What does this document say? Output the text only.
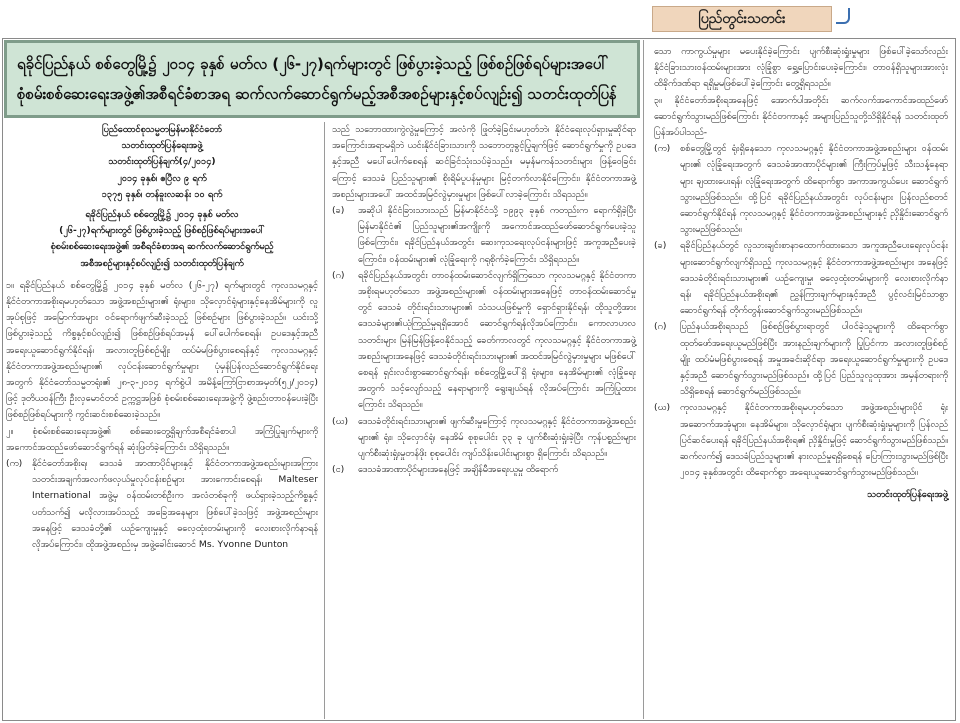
ပြည်တွင်းသတင်း
ရခိုင်ပြည်နယ် စစ်တွေမြို့၌ ၂၀၁၄ ခုနှစ် မတ်လ (၂၆-၂၇)ရက်များတွင် ဖြစ်ပွားခဲ့သည့် ဖြစ်စဉ်ဖြစ်ရပ်များအပေါ်
စုံစမ်းစစ်ဆေးရေးအဖွဲ့၏အစီရင်ခံစာအရ ဆက်လက်ဆောင်ရွက်မည့်အစီအစဉ်များနှင့်စပ်လျဉ်း၍ သတင်းထုတ်ပြန်

ပြည်ထောင်စုသမ္မတမြန်မာနိုင်ငံတော်

သတင်းထုတ်ပြန်ရေးအဖွဲ့

သတင်းထုတ်ပြန်ချက်(၄/၂၀၁၄)

၂၀၁၄ ခုနှစ်၊ ဧပြီလ ၉ ရက်

၁၃၇၅ ခုနှစ်၊ တန်ခူးလဆန်း ၁၀ ရက်

ရခိုင်ပြည်နယ် စစ်တွေမြို့၌ ၂၀၁၄ ခုနှစ် မတ်လ

(၂၆-၂၇)ရက်များတွင် ဖြစ်ပွားခဲ့သည့် ဖြစ်စဉ်ဖြစ်ရပ်များအပေါ်

စုံစမ်းစစ်ဆေးရေးအဖွဲ့၏ အစီရင်ခံစာအရ ဆက်လက်ဆောင်ရွက်မည့်

အစီအစဉ်များနှင့်စပ်လျဉ်း၍ သတင်းထုတ်ပြန်ချက်

၁။ ရခိုင်ပြည်နယ် စစ်တွေမြို့၌ ၂၀၁၄ ခုနှစ် မတ်လ (၂၆-၂၇) ရက်များတွင် ကုလသမဂ္ဂနှင့်နိုင်ငံတကာအစိုးရမဟုတ်သော အဖွဲ့အစည်းများ၏ ရုံးများ၊ သိုလှောင်ရုံများနှင့်နေအိမ်များကို လူအုပ်စုဖြင့် အမြောက်အများ ဝင်ရောက်ဖျက်ဆီးခဲ့သည့် ဖြစ်စဉ်များ ဖြစ်ပွားခဲ့သည်။ ယင်းသို့ဖြစ်ပွားခဲ့သည့် ကိစ္စနှင့်စပ်လျဉ်း၍ ဖြစ်စဉ်ဖြစ်ရပ်အမှန် ပေါ်ပေါက်စေရန်၊ ဥပဒေနှင့်အညီ အရေးယူဆောင်ရွက်နိုင်ရန်၊ အလားတူဖြစ်စဉ်မျိုး ထပ်မံမဖြစ်ပွားစေရန်နှင့် ကုလသမဂ္ဂနှင့် နိုင်ငံတကာအဖွဲ့အစည်းများ၏ လုပ်ငန်းဆောင်ရွက်မှုများ ပုံမှန်ပြန်လည်ဆောင်ရွက်နိုင်ရေးအတွက် နိုင်ငံတော်သမ္မတရုံး၏ ၂၈-၃-၂၀၁၄ ရက်စွဲပါ အမိန့်ကြော်ငြာစာအမှတ်(၅၂/၂၀၁၄) ဖြင့် ဒုတိယဝန်ကြီး ဦးလှမောင်တင် ဥက္ကဋ္ဌအဖြစ် စုံစမ်းစစ်ဆေးရေးအဖွဲ့ကို ဖွဲ့စည်းတာဝန်ပေးခဲ့ပြီး ဖြစ်စဉ်ဖြစ်ရပ်များကို ကွင်းဆင်းစစ်ဆေးခဲ့သည်။

၂။ စုံစမ်းစစ်ဆေးရေးအဖွဲ့၏ စစ်ဆေးတွေ့ရှိချက်အစီရင်ခံစာပါ အကြံပြုချက်များကို အကောင်အထည်ဖော်ဆောင်ရွက်ရန် ဆုံးဖြတ်ခဲ့ကြောင်း သိရှိရသည်။

(က) နိုင်ငံတော်အစိုးရ၊ ဒေသခံ အာဏာပိုင်များနှင့် နိုင်ငံတကာအဖွဲ့အစည်းများအကြား သတင်းအချက်အလက်ဖလှယ်မှုလုပ်ငန်းစဉ်များ အားကောင်းစေရန်၊ Malteser International အဖွဲ့မှ ဝန်ထမ်းတစ်ဦးက အလံတစ်ခုကို ဖယ်ရှားခဲ့သည့်ကိစ္စနှင့် ပတ်သက်၍ မလိုလားအပ်သည့် အခြေအနေများ ဖြစ်ပေါ်ခဲ့သဖြင့် အဖွဲ့အစည်းများအနေဖြင့် ဒေသခံတို့၏ ယဉ်ကျေးမှုနှင့် ဓလေ့ထုံးတမ်းများကို လေးစားလိုက်နာရန် လိုအပ်ကြောင်း၊ ထိုအဖွဲ့အစည်းမှ အဖွဲ့ခေါင်းဆောင် Ms. Yvonne Dunton

သည် သဘောထားကွဲလွဲမှုကြောင့် အလံကို ဖြုတ်ခဲ့ခြင်းမဟုတ်ဘဲ၊ နိုင်ငံရေးလုပ်ရှားမှုဆိုင်ရာ အကြောင်းအရာမရှိဘဲ ယင်းနိုင်ငံခြားသားကို သဘောတူခွင့်ပြုချက်ဖြင့် ဆောင်ရွက်မှုကို ဥပဒေနှင့်အညီ မပေါ်ပေါက်စေရန် ဆင်ခြင်သုံးသပ်ခဲ့သည်။ မမှန်မကန်သတင်းများ ဖြန့်ဝေခြင်းကြောင့် ဒေသခံ ပြည်သူများ၏ စိုးရိမ်ပူပန်မှုများ မြင့်တက်လာနိုင်ကြောင်း၊ နိုင်ငံတကာအဖွဲ့အစည်းများအပေါ် အထင်အမြင်လွဲမှားမှုများ ဖြစ်ပေါ်လာခဲ့ကြောင်း သိရသည်။

(ခ) အဆိုပါ နိုင်ငံခြားသားသည် မြန်မာနိုင်ငံသို့ ၁၉၉၃ ခုနှစ် ကတည်းက ရောက်ရှိခဲ့ပြီး မြန်မာနိုင်ငံ၏ ပြည်သူများ၏အကျိုးကို အကောင်အထည်ဖော်ဆောင်ရွက်ပေးခဲ့သူဖြစ်ကြောင်း၊ ရခိုင်ပြည်နယ်အတွင်း ဆေးကုသရေးလုပ်ငန်းများဖြင့် အကူအညီပေးခဲ့ကြောင်း၊ ဝန်ထမ်းများ၏ လုံခြုံရေးကို ဂရုစိုက်ခဲ့ကြောင်း သိရှိရသည်။

(ဂ) ရခိုင်ပြည်နယ်အတွင်း တာဝန်ထမ်းဆောင်လျက်ရှိကြသော ကုလသမဂ္ဂနှင့် နိုင်ငံတကာအစိုးရမဟုတ်သော အဖွဲ့အစည်းများ၏ ဝန်ထမ်းများအနေဖြင့် တာဝန်ထမ်းဆောင်မှုတွင် ဒေသခံ တိုင်းရင်းသားများ၏ သံသယဖြစ်မှုကို ရှောင်ရှားနိုင်ရန်၊ ထိုသူတို့အား ဒေသခံများ၏ယုံကြည်မှုရရှိအောင် ဆောင်ရွက်ရန်လိုအပ်ကြောင်း၊ ကောလာဟလ သတင်းများ မြန်မြန်ဖြန့်ဝေနိုင်သည့် ခေတ်ကာလတွင် ကုလသမဂ္ဂနှင့် နိုင်ငံတကာအဖွဲ့အစည်းများအနေဖြင့် ဒေသခံတိုင်းရင်းသားများ၏ အထင်အမြင်လွဲမှားမှုများ မဖြစ်ပေါ်စေရန် ရှင်းလင်းစွာဆောင်ရွက်ရန်၊ စစ်တွေမြို့ပေါ်ရှိ ရုံးများ၊ နေအိမ်များ၏ လုံခြုံရေးအတွက် သင့်လျော်သည့် နေရာများကို ရွေးချယ်ရန် လိုအပ်ကြောင်း အကြံပြုထားကြောင်း သိရသည်။

(ဃ) ဒေသခံတိုင်းရင်းသားများ၏ ဖျက်ဆီးမှုကြောင့် ကုလသမဂ္ဂနှင့် နိုင်ငံတကာအဖွဲ့အစည်းများ၏ ရုံး၊ သိုလှောင်ရုံ၊ နေအိမ် စုစုပေါင်း ၃၃ ခု ပျက်စီးဆုံးရှုံးခဲ့ပြီး ကုန်ပစ္စည်းများ ပျက်စီးဆုံးရှုံးမှုတန်ဖိုး စုစုပေါင်း ကျပ်သိန်းပေါင်းများစွာ ရှိကြောင်း သိရသည်။

(င) ဒေသခံအာဏာပိုင်များအနေဖြင့် အချိန်မီအရေးယူမှု ထိရောက်

သော ကာကွယ်မှုများ မပေးနိုင်ခဲ့ကြောင်း ပျက်စီးဆုံးရှုံးမှုများ ဖြစ်ပေါ်ခဲ့သော်လည်း နိုင်ငံခြားသားဝန်ထမ်းများအား လုံခြုံစွာ ရွှေ့ပြောင်းပေးခဲ့ကြောင်း၊ တာဝန်ရှိသူများအားလုံး ထိခိုက်ဒဏ်ရာ ရရှိမှုမဖြစ်ပေါ်ခဲ့ကြောင်း တွေ့ရှိရသည်။

၃။ နိုင်ငံတော်အစိုးရအနေဖြင့် အောက်ပါအတိုင်း ဆက်လက်အကောင်အထည်ဖော်ဆောင်ရွက်သွားမည်ဖြစ်ကြောင်း နိုင်ငံတကာနှင့် အများပြည်သူတို့သိရှိနိုင်ရန် သတင်းထုတ်ပြန်အပ်ပါသည်-

(က) စစ်တွေမြို့တွင် ရုံးရှိနေသော ကုလသမဂ္ဂနှင့် နိုင်ငံတကာအဖွဲ့အစည်းများ ဝန်ထမ်းများ၏ လုံခြုံရေးအတွက် ဒေသခံအာဏာပိုင်များ၏ ကြီးကြပ်မှုဖြင့် သီးသန့်နေရာများ ချထားပေးရန်၊ လုံခြုံရေးအတွက် ထိရောက်စွာ အကာအကွယ်ပေး ဆောင်ရွက်သွားမည်ဖြစ်သည်။ ထို့ပြင် ရခိုင်ပြည်နယ်အတွင်း လုပ်ငန်းများ ပြန်လည်စတင်ဆောင်ရွက်နိုင်ရန် ကုလသမဂ္ဂနှင့် နိုင်ငံတကာအဖွဲ့အစည်းများနှင့် ညှိနှိုင်းဆောင်ရွက်သွားမည်ဖြစ်သည်။

(ခ) ရခိုင်ပြည်နယ်တွင် လူသားချင်းစာနာထောက်ထားသော အကူအညီပေးရေးလုပ်ငန်းများဆောင်ရွက်လျက်ရှိသည့် ကုလသမဂ္ဂနှင့် နိုင်ငံတကာအဖွဲ့အစည်းများ အနေဖြင့် ဒေသခံတိုင်းရင်းသားများ၏ ယဉ်ကျေးမှု၊ ဓလေ့ထုံးတမ်းများကို လေးစားလိုက်နာရန်၊ ရခိုင်ပြည်နယ်အစိုးရ၏ ညွှန်ကြားချက်များနှင့်အညီ ပွင့်လင်းမြင်သာစွာ ဆောင်ရွက်ရန် တိုက်တွန်းဆောင်ရွက်သွားမည်ဖြစ်သည်။

(ဂ) ပြည်နယ်အစိုးရသည် ဖြစ်စဉ်ဖြစ်ပွားရာတွင် ပါဝင်ခဲ့သူများကို ထိရောက်စွာ ထုတ်ဖော်အရေးယူမည်ဖြစ်ပြီး အားနည်းချက်များကို ပြုပြင်ကာ အလားတူဖြစ်စဉ်မျိုး ထပ်မံမဖြစ်ပွားစေရန် အမှုအခင်းဆိုင်ရာ အရေးယူဆောင်ရွက်မှုများကို ဥပဒေနှင့်အညီ ဆောင်ရွက်သွားမည်ဖြစ်သည်။ ထို့ပြင် ပြည်သူလူထုအား အမှန်တရားကို သိရှိစေရန် ဆောင်ရွက်မည်ဖြစ်သည်။

(ဃ) ကုလသမဂ္ဂနှင့် နိုင်ငံတကာအစိုးရမဟုတ်သော အဖွဲ့အစည်းများပိုင် ရုံးအဆောက်အအုံများ၊ နေအိမ်များ၊ သိုလှောင်ရုံများ ပျက်စီးဆုံးရှုံးမှုများကို ပြန်လည်ပြင်ဆင်ပေးရန် ရခိုင်ပြည်နယ်အစိုးရ၏ ညှိနှိုင်းမှုဖြင့် ဆောင်ရွက်သွားမည်ဖြစ်သည်။ ဆက်လက်၍ ဒေသခံပြည်သူများ၏ နားလည်မှုရရှိစေရန် ပြောကြားသွားမည်ဖြစ်ပြီး ၂၀၁၄ ခုနှစ်အတွင်း ထိရောက်စွာ အရေးယူဆောင်ရွက်သွားမည်ဖြစ်သည်။

သတင်းထုတ်ပြန်ရေးအဖွဲ့
